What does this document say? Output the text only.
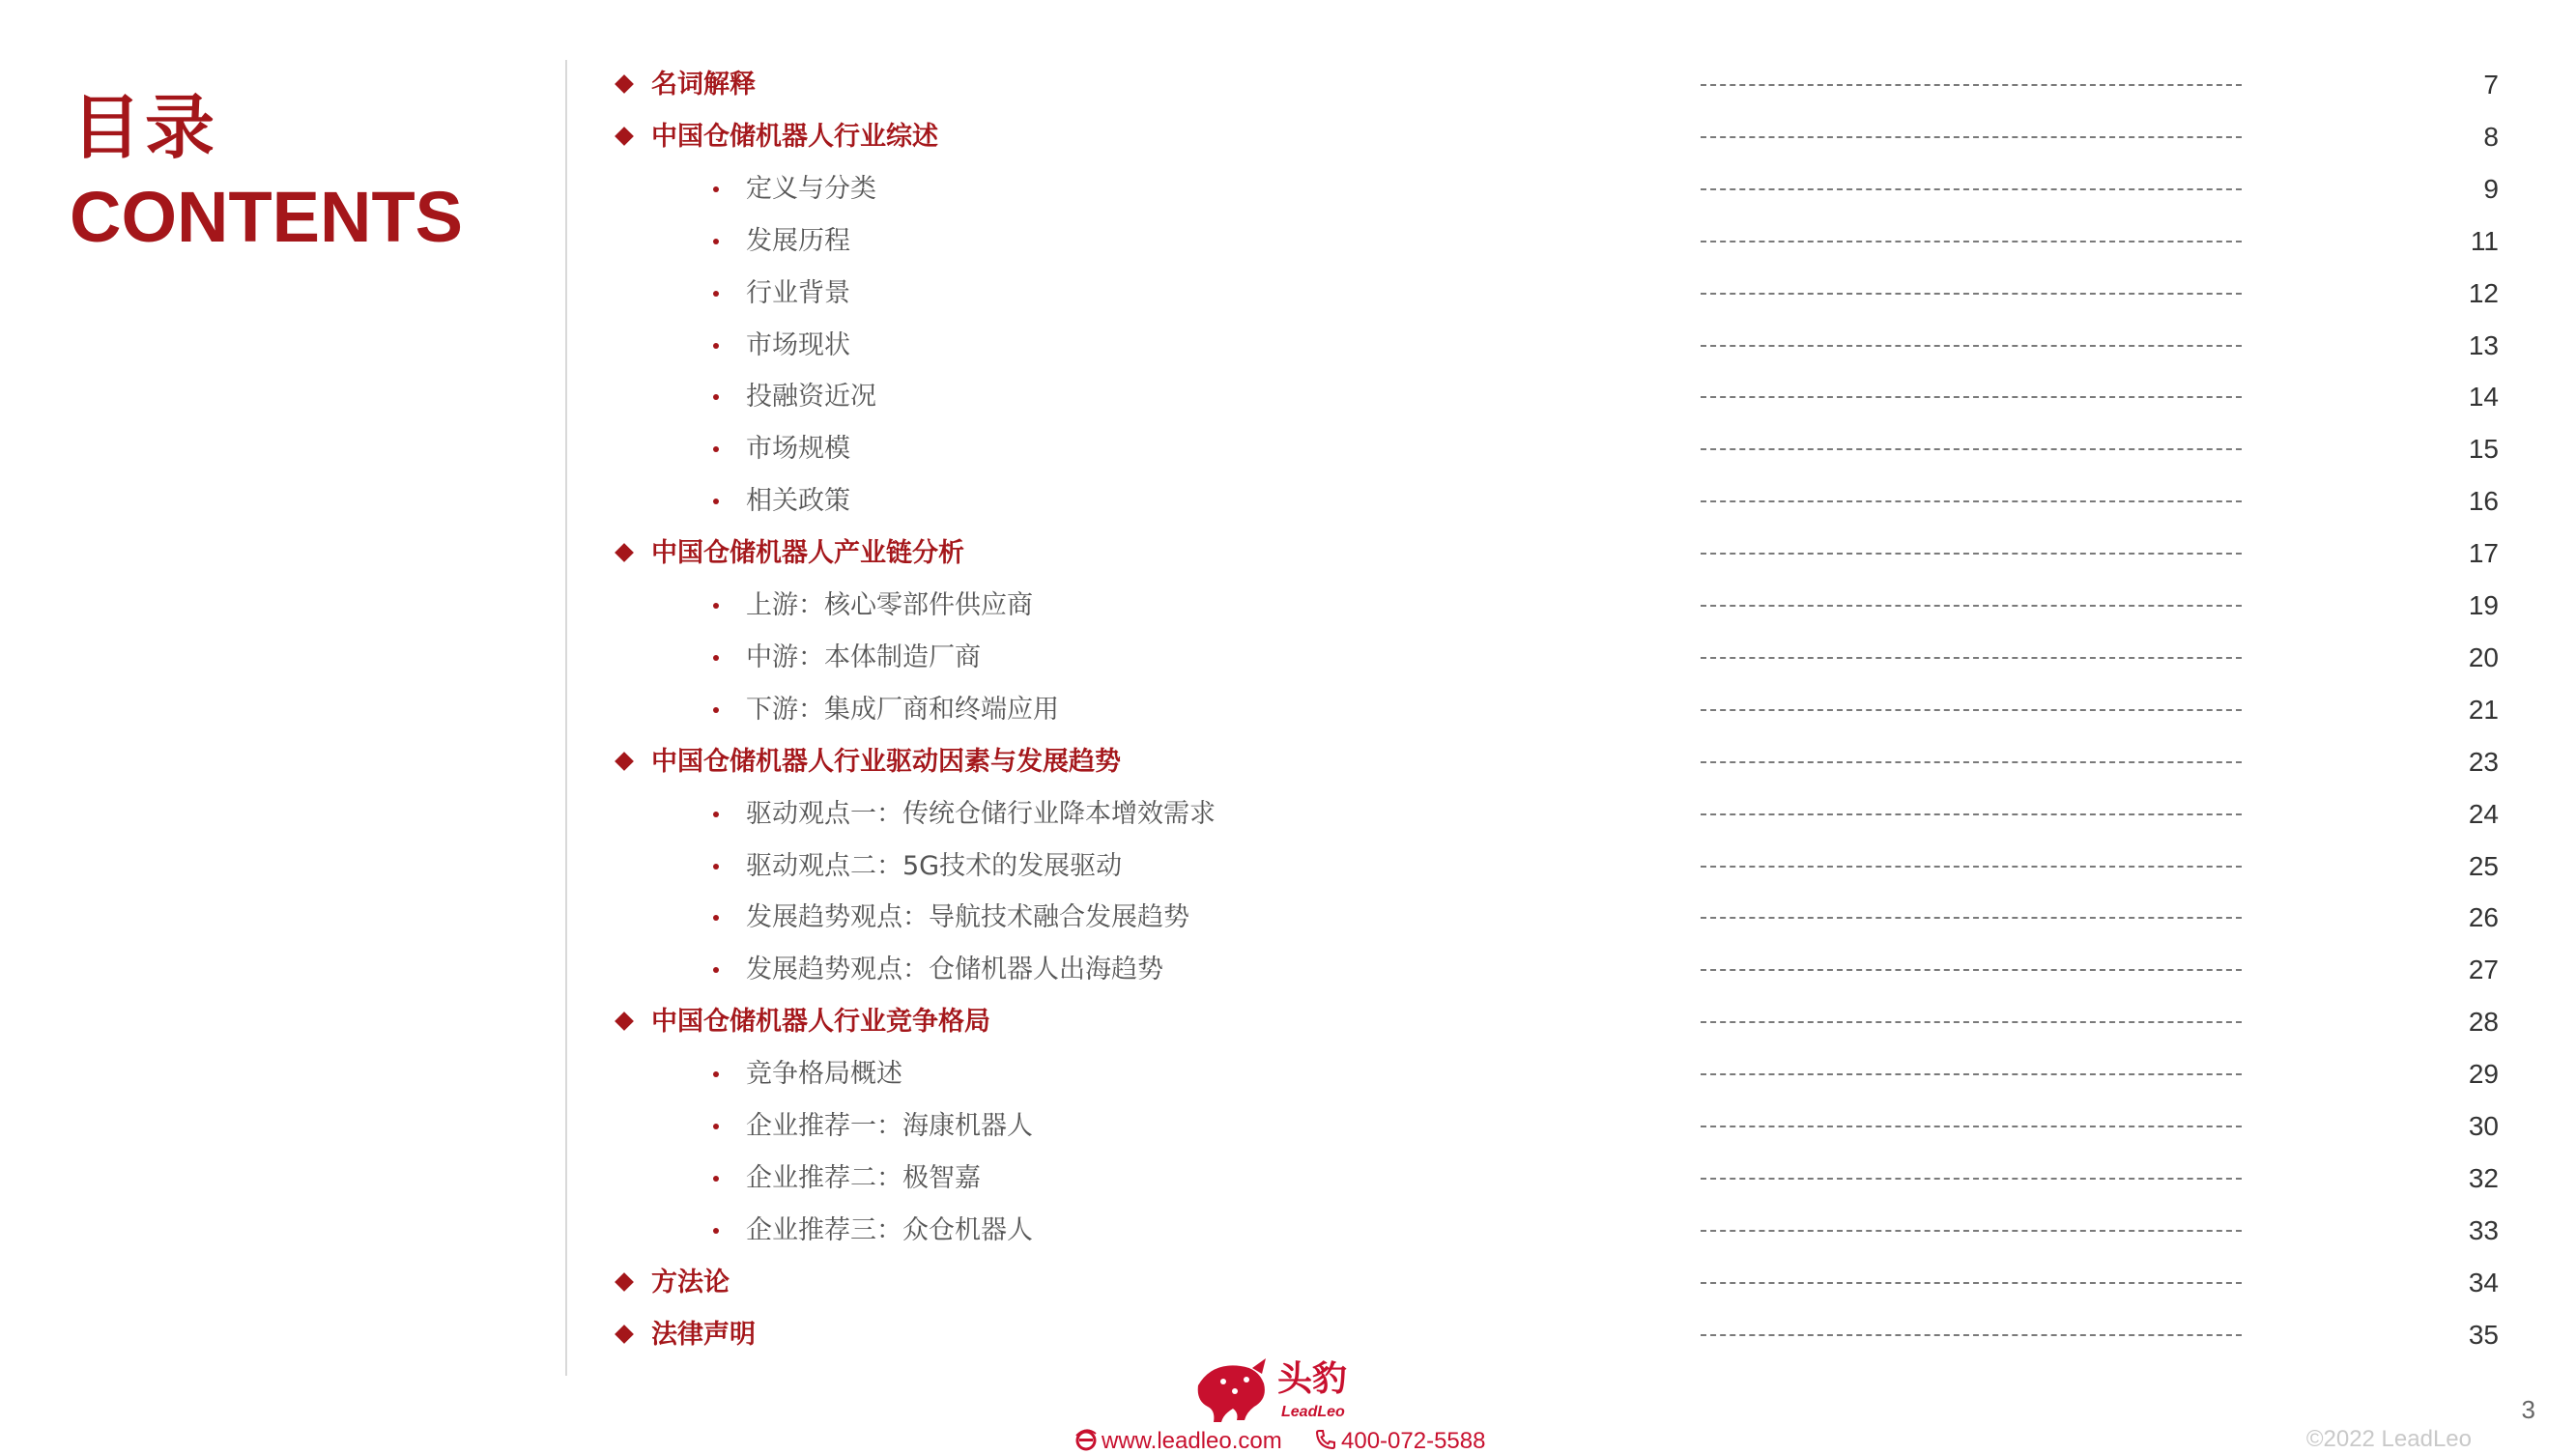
目录
CONTENTS
名词解释	7
中国仓储机器人行业综述	8
定义与分类	9
发展历程	11
行业背景	12
市场现状	13
投融资近况	14
市场规模	15
相关政策	16
中国仓储机器人产业链分析	17
上游：核心零部件供应商	19
中游：本体制造厂商	20
下游：集成厂商和终端应用	21
中国仓储机器人行业驱动因素与发展趋势	23
驱动观点一：传统仓储行业降本增效需求	24
驱动观点二：5G技术的发展驱动	25
发展趋势观点：导航技术融合发展趋势	26
发展趋势观点：仓储机器人出海趋势	27
中国仓储机器人行业竞争格局	28
竞争格局概述	29
企业推荐一：海康机器人	30
企业推荐二：极智嘉	32
企业推荐三：众仓机器人	33
方法论	34
法律声明	35
头豹
LeadLeo
www.leadleo.com	400-072-5588
3
©2022 LeadLeo
